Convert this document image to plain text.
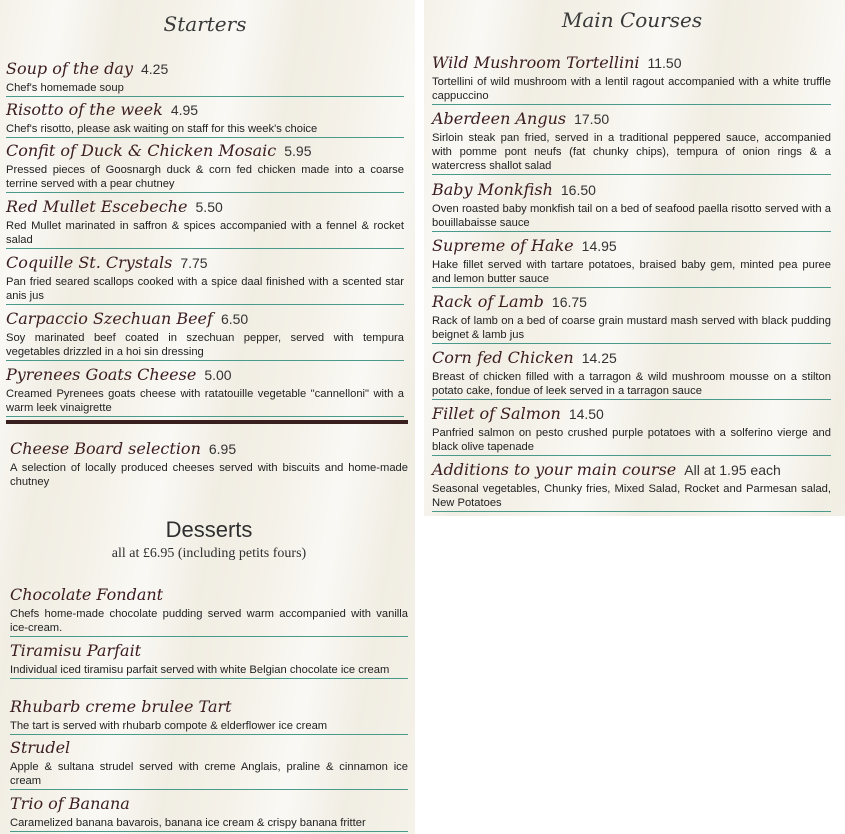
Starters
Soup of the day 4.25
Chef's homemade soup
Risotto of the week 4.95
Chef's risotto, please ask waiting on staff for this week's choice
Confit of Duck & Chicken Mosaic 5.95
Pressed pieces of Goosnargh duck & corn fed chicken made into a coarse terrine served with a pear chutney
Red Mullet Escebeche 5.50
Red Mullet marinated in saffron & spices accompanied with a fennel & rocket salad
Coquille St. Crystals 7.75
Pan fried seared scallops cooked with a spice daal finished with a scented star anis jus
Carpaccio Szechuan Beef 6.50
Soy marinated beef coated in szechuan pepper, served with tempura vegetables drizzled in a hoi sin dressing
Pyrenees Goats Cheese 5.00
Creamed Pyrenees goats cheese with ratatouille vegetable "cannelloni" with a warm leek vinaigrette
Cheese Board selection 6.95
A selection of locally produced cheeses served with biscuits and home-made chutney
Desserts
all at £6.95 (including petits fours)
Chocolate Fondant
Chefs home-made chocolate pudding served warm accompanied with vanilla ice-cream.
Tiramisu Parfait
Individual iced tiramisu parfait served with white Belgian chocolate ice cream
Rhubarb creme brulee Tart
The tart is served with rhubarb compote & elderflower ice cream
Strudel
Apple & sultana strudel served with creme Anglais, praline & cinnamon ice cream
Trio of Banana
Caramelized banana bavarois, banana ice cream & crispy banana fritter
Main Courses
Wild Mushroom Tortellini 11.50
Tortellini of wild mushroom with a lentil ragout accompanied with a white truffle cappuccino
Aberdeen Angus 17.50
Sirloin steak pan fried, served in a traditional peppered sauce, accompanied with pomme pont neufs (fat chunky chips), tempura of onion rings & a watercress shallot salad
Baby Monkfish 16.50
Oven roasted baby monkfish tail on a bed of seafood paella risotto served with a bouillabaisse sauce
Supreme of Hake 14.95
Hake fillet served with tartare potatoes, braised baby gem, minted pea puree and lemon butter sauce
Rack of Lamb 16.75
Rack of lamb on a bed of coarse grain mustard mash served with black pudding beignet & lamb jus
Corn fed Chicken 14.25
Breast of chicken filled with a tarragon & wild mushroom mousse on a stilton potato cake, fondue of leek served in a tarragon sauce
Fillet of Salmon 14.50
Panfried salmon on pesto crushed purple potatoes with a solferino vierge and black olive tapenade
Additions to your main course All at 1.95 each
Seasonal vegetables, Chunky fries, Mixed Salad, Rocket and Parmesan salad, New Potatoes
